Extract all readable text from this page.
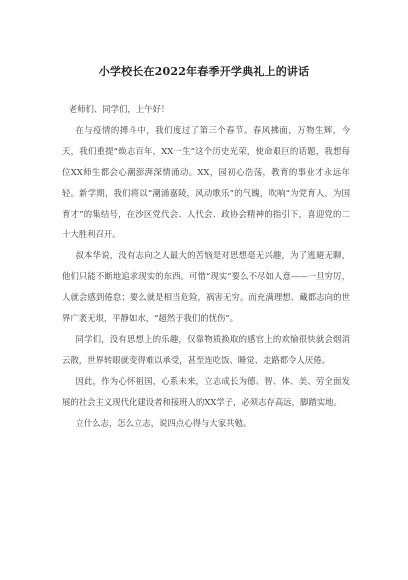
小学校长在2022年春季开学典礼上的讲话

老师们、同学们，上午好！

在与疫情的搏斗中，我们度过了第三个春节。春风拂面，万物生辉，今天，我们重提“焕志百年，XX一生”这个历史光荣，使命艰巨的话题，我想每位XX师生都会心潮澎湃深情涌动。XX，园初心浩荡，教育的事业才永远年轻。新学期，我们将以“潮涌嘉陵，风动歌乐”的气魄，吹响“为党育人，为国育才”的集结号，在沙区党代会、人代会、政协会精神的指引下，喜迎党的二十大胜利召开。

叔本华说，没有志向之人最大的苦恼是对思想毫无兴趣，为了逃避无聊，他们只能不断地追求现实的东西。可惜“现实”要么不尽如人意——一旦穷厉，人就会感到倦怠；要么就是相当危险，祸害无穷。而充满理想、藏都志向的世界广袤无垠，平静如水，“超然于我们的忧伤”。

同学们，没有思想上的乐趣，仅靠物质换取的感官上的欢愉很快就会烟消云散，世界转眼就变得难以承受，甚至连吃饭、睡觉、走路都令人厌倦。

因此，作为心怀祖国，心系未来，立志成长为德、智、体、美、劳全面发展的社会主义现代化建设者和接班人的XX学子，必须志存高远，脚踏实地。

立什么志，怎么立志，说四点心得与大家共勉。
